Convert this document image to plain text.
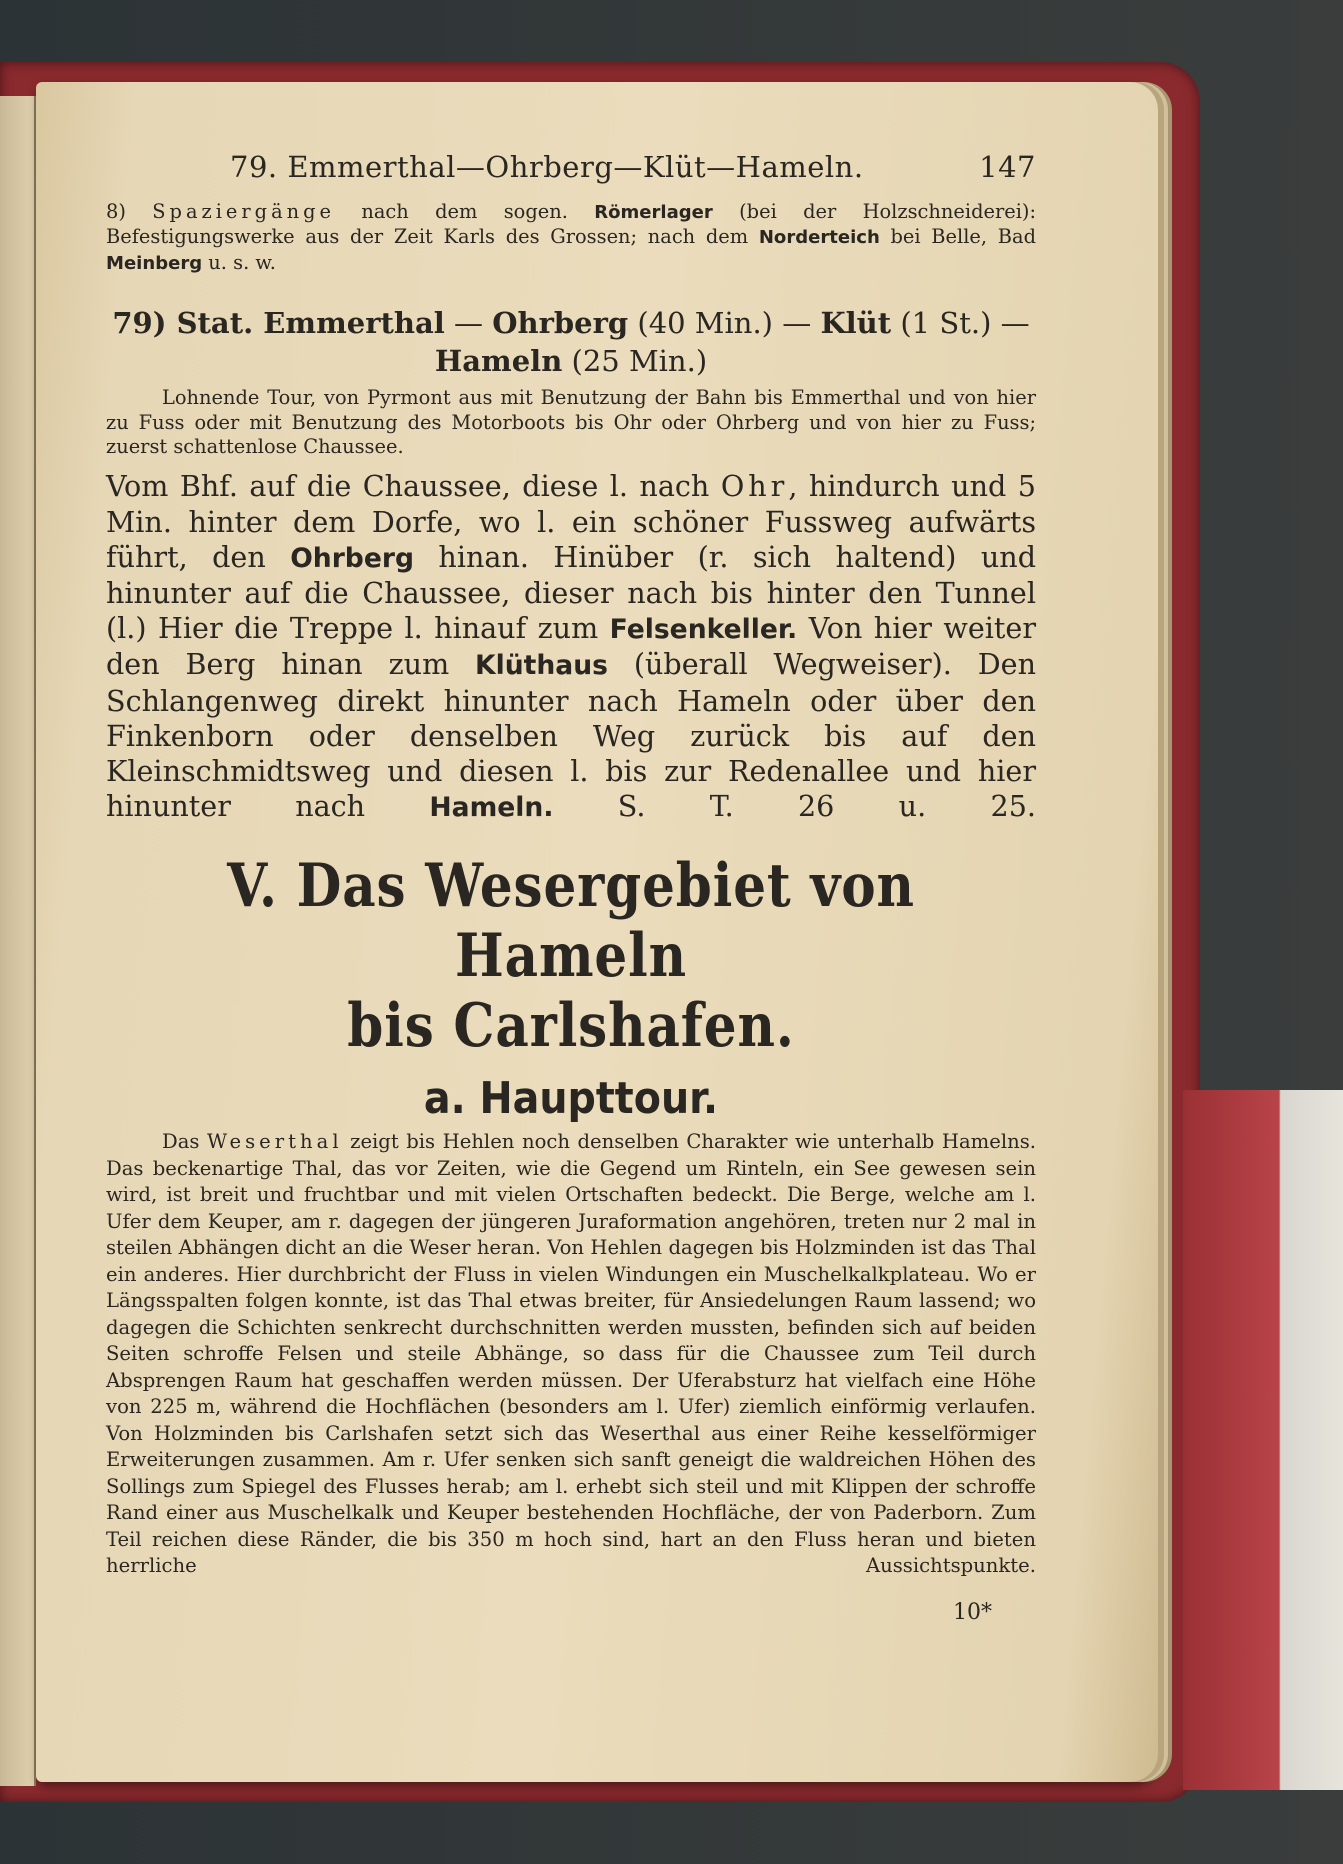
79. Emmerthal—Ohrberg—Klüt—Hameln.	147
8) Spaziergänge nach dem sogen. Römerlager (bei der Holzschneiderei): Befestigungswerke aus der Zeit Karls des Grossen; nach dem Norderteich bei Belle, Bad Meinberg u. s. w.
79) Stat. Emmerthal — Ohrberg (40 Min.) — Klüt (1 St.) —
Hameln (25 Min.)
Lohnende Tour, von Pyrmont aus mit Benutzung der Bahn bis Emmerthal und von hier zu Fuss oder mit Benutzung des Motorboots bis Ohr oder Ohrberg und von hier zu Fuss; zuerst schattenlose Chaussee.
Vom Bhf. auf die Chaussee, diese l. nach Ohr, hindurch und 5 Min. hinter dem Dorfe, wo l. ein schöner Fussweg aufwärts führt, den Ohrberg hinan. Hinüber (r. sich haltend) und hinunter auf die Chaussee, dieser nach bis hinter den Tunnel (l.) Hier die Treppe l. hinauf zum Felsenkeller. Von hier weiter den Berg hinan zum Klüthaus (überall Wegweiser). Den Schlangenweg direkt hinunter nach Hameln oder über den Finkenborn oder denselben Weg zurück bis auf den Kleinschmidtsweg und diesen l. bis zur Redenallee und hier hinunter nach Hameln. S. T. 26 u. 25.
V. Das Wesergebiet von Hameln
bis Carlshafen.
a. Haupttour.
Das Weserthal zeigt bis Hehlen noch denselben Charakter wie unterhalb Hamelns. Das beckenartige Thal, das vor Zeiten, wie die Gegend um Rinteln, ein See gewesen sein wird, ist breit und fruchtbar und mit vielen Ortschaften bedeckt. Die Berge, welche am l. Ufer dem Keuper, am r. dagegen der jüngeren Juraformation angehören, treten nur 2 mal in steilen Abhängen dicht an die Weser heran. Von Hehlen dagegen bis Holzminden ist das Thal ein anderes. Hier durchbricht der Fluss in vielen Windungen ein Muschelkalkplateau. Wo er Längsspalten folgen konnte, ist das Thal etwas breiter, für Ansiedelungen Raum lassend; wo dagegen die Schichten senkrecht durchschnitten werden mussten, befinden sich auf beiden Seiten schroffe Felsen und steile Abhänge, so dass für die Chaussee zum Teil durch Absprengen Raum hat geschaffen werden müssen. Der Uferabsturz hat vielfach eine Höhe von 225 m, während die Hochflächen (besonders am l. Ufer) ziemlich einförmig verlaufen. Von Holzminden bis Carlshafen setzt sich das Weserthal aus einer Reihe kesselförmiger Erweiterungen zusammen. Am r. Ufer senken sich sanft geneigt die waldreichen Höhen des Sollings zum Spiegel des Flusses herab; am l. erhebt sich steil und mit Klippen der schroffe Rand einer aus Muschelkalk und Keuper bestehenden Hochfläche, der von Paderborn. Zum Teil reichen diese Ränder, die bis 350 m hoch sind, hart an den Fluss heran und bieten herrliche Aussichtspunkte.
10*
